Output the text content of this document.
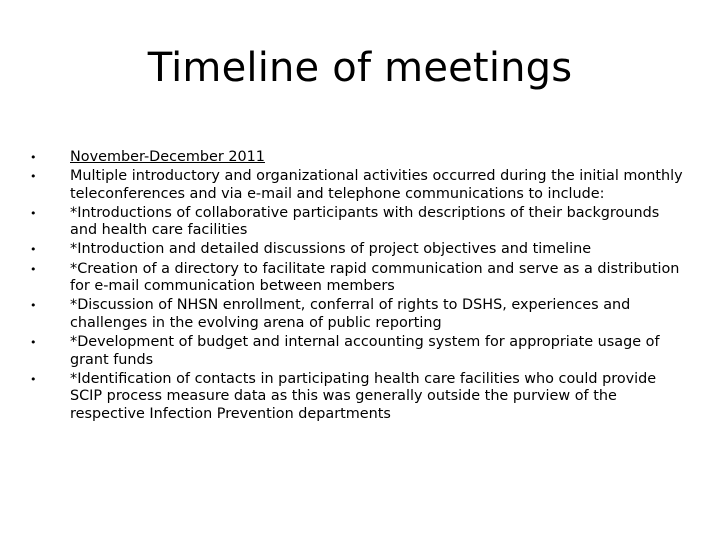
Timeline of meetings
•	November-December 2011
•	Multiple introductory and organizational activities occurred during the initial monthly teleconferences and via e-mail and telephone communications to include:
•	*Introductions of collaborative participants with descriptions of their backgrounds and health care facilities
•	*Introduction and detailed discussions of project objectives and timeline
•	*Creation of a directory to facilitate rapid communication and serve as a distribution for e-mail communication between members
•	*Discussion of NHSN enrollment, conferral of rights to DSHS, experiences and challenges in the evolving arena of public reporting
•	*Development of budget and internal accounting system for appropriate usage of grant funds
•	*Identification of contacts in participating health care facilities who could provide SCIP process measure data as this was generally outside the purview of the respective Infection Prevention departments
